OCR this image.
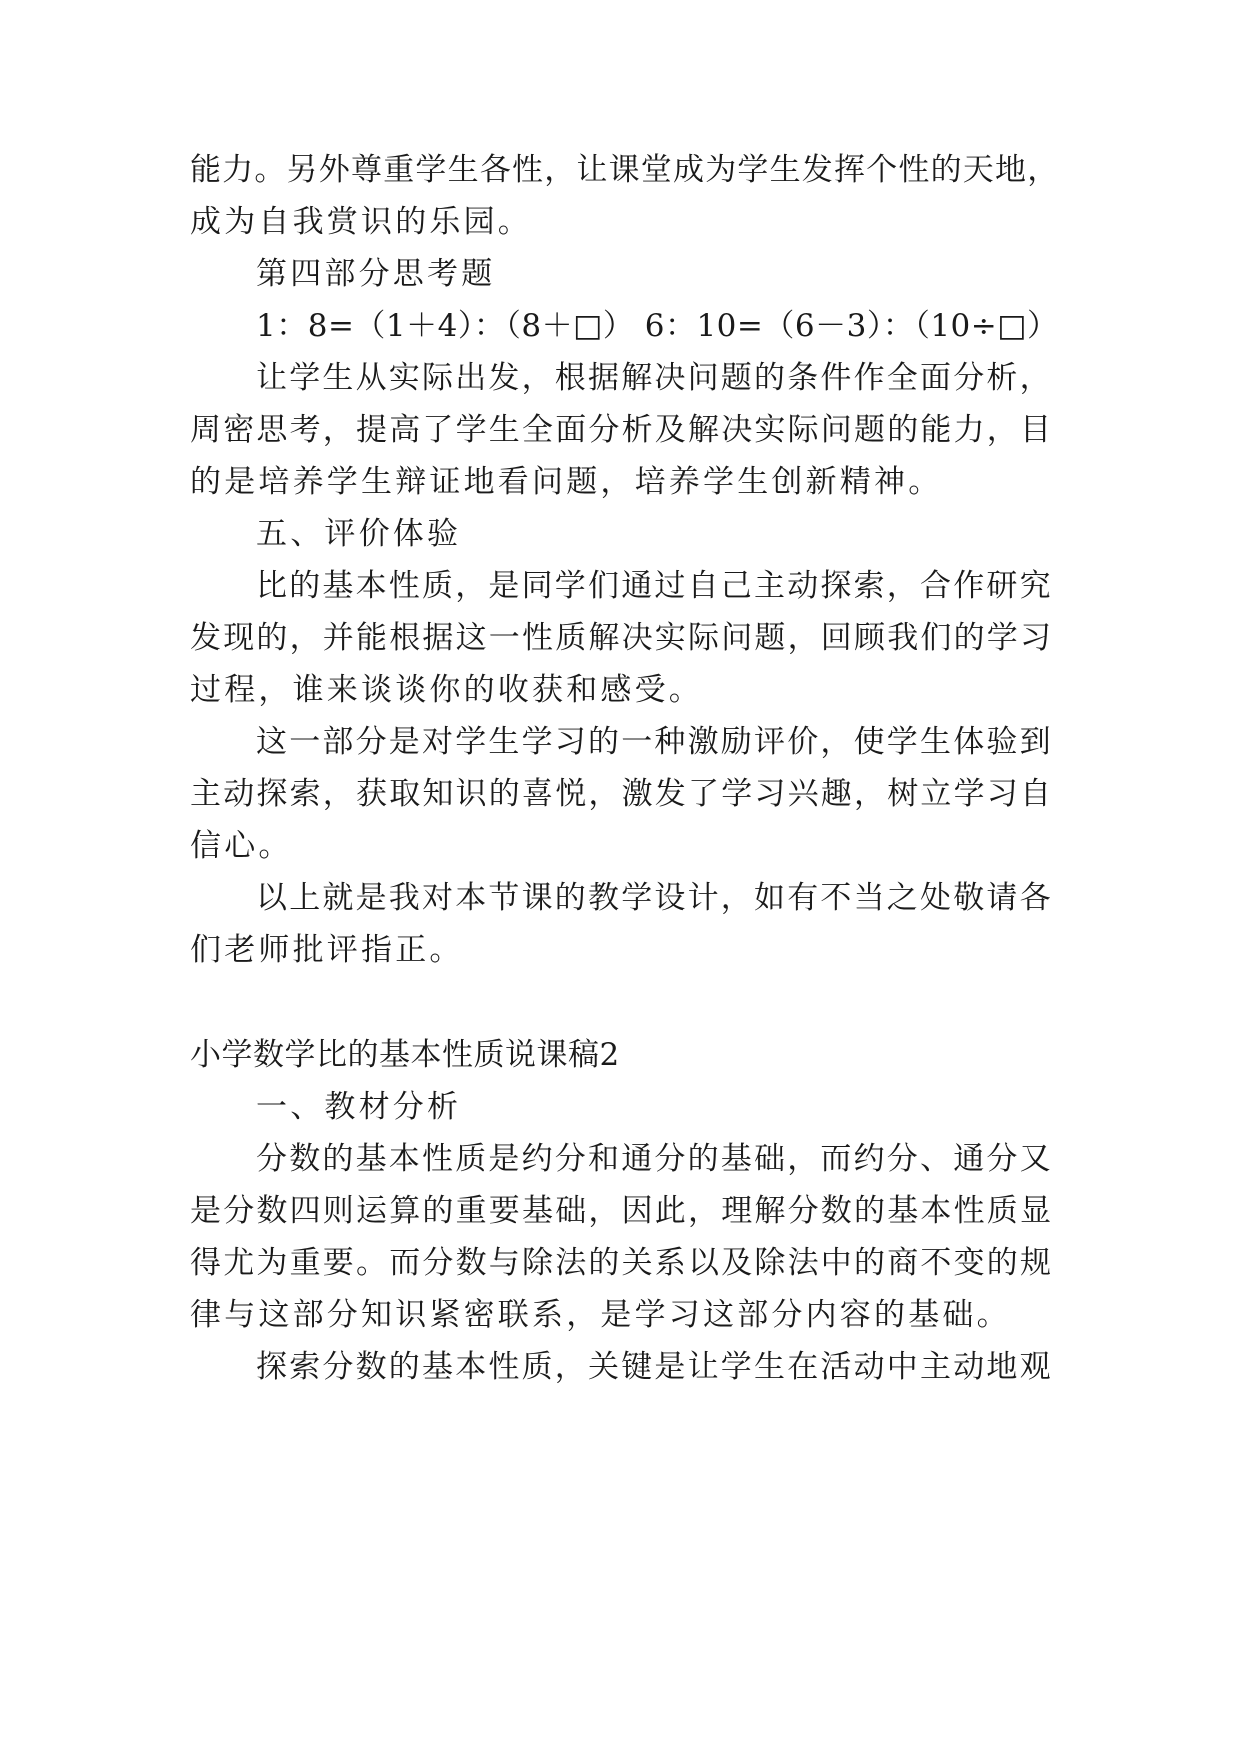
能力。另外尊重学生各性，让课堂成为学生发挥个性的天地，
成为自我赏识的乐园。
第四部分思考题
1：8=（1＋4）：（8＋□） 6：10=（6－3）：（10÷□）
让学生从实际出发，根据解决问题的条件作全面分析，
周密思考，提高了学生全面分析及解决实际问题的能力，目
的是培养学生辩证地看问题，培养学生创新精神。
五、评价体验
比的基本性质，是同学们通过自己主动探索，合作研究
发现的，并能根据这一性质解决实际问题，回顾我们的学习
过程，谁来谈谈你的收获和感受。
这一部分是对学生学习的一种激励评价，使学生体验到
主动探索，获取知识的喜悦，激发了学习兴趣，树立学习自
信心。
以上就是我对本节课的教学设计，如有不当之处敬请各
们老师批评指正。
小学数学比的基本性质说课稿2
一、教材分析
分数的基本性质是约分和通分的基础，而约分、通分又
是分数四则运算的重要基础，因此，理解分数的基本性质显
得尤为重要。而分数与除法的关系以及除法中的商不变的规
律与这部分知识紧密联系，是学习这部分内容的基础。
探索分数的基本性质，关键是让学生在活动中主动地观
